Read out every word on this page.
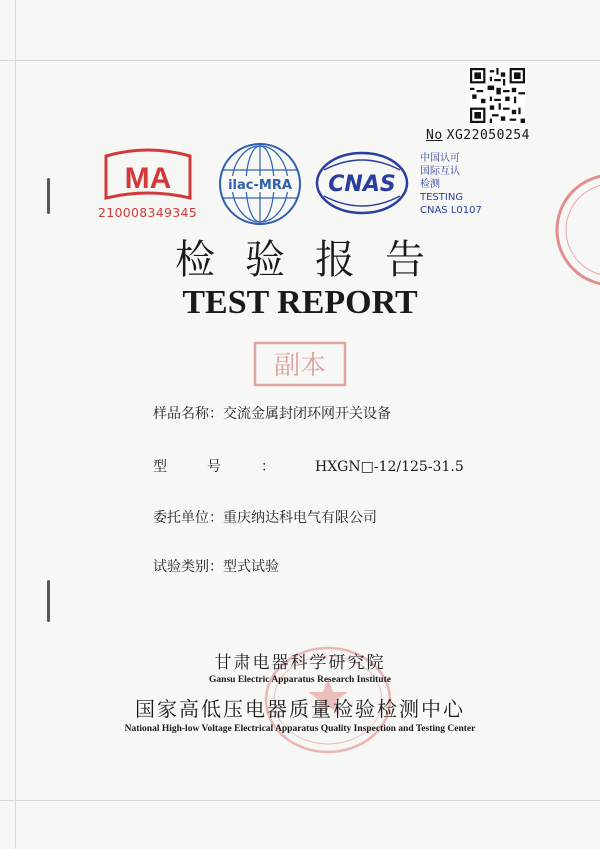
No XG22050254
MA
210008349345
ilac-MRA CNAS
中国认可
国际互认
检测
TESTING
CNAS L0107
检验报告
TEST REPORT
副本
样品名称：交流金属封闭环网开关设备
型号：HXGN□-12/125-31.5
委托单位：重庆纳达科电气有限公司
试验类别：型式试验
甘肃电器科学研究院
Gansu Electric Apparatus Research Institute
国家高低压电器质量检验检测中心
National High-low Voltage Electrical Apparatus Quality Inspection and Testing Center
